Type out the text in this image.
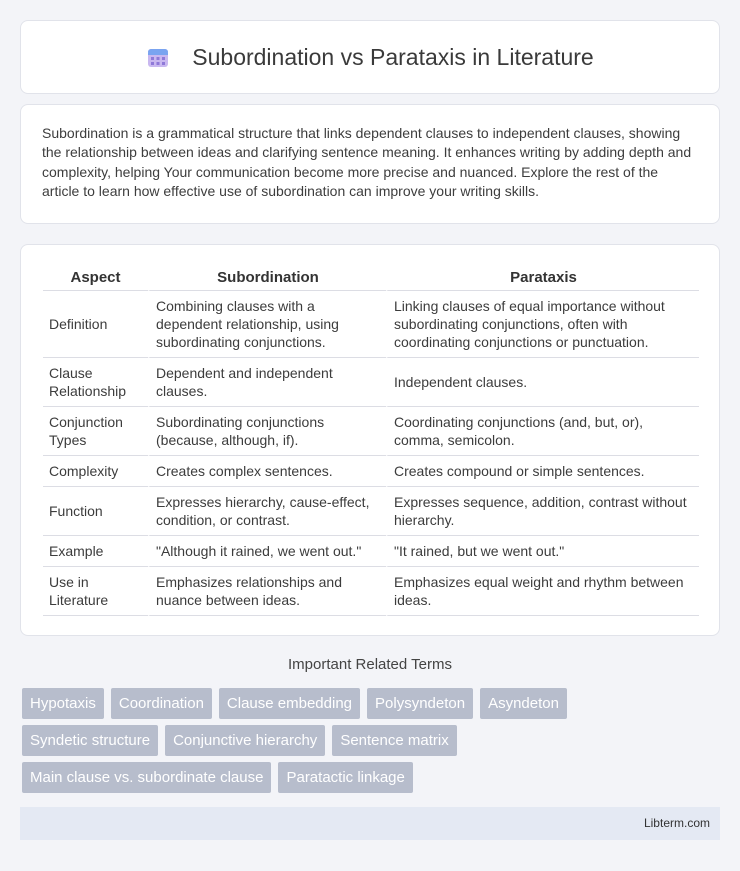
Subordination vs Parataxis in Literature

Subordination is a grammatical structure that links dependent clauses to independent clauses, showing the relationship between ideas and clarifying sentence meaning. It enhances writing by adding depth and complexity, helping Your communication become more precise and nuanced. Explore the rest of the article to learn how effective use of subordination can improve your writing skills.

Aspect	Subordination	Parataxis
Definition	Combining clauses with a dependent relationship, using subordinating conjunctions.	Linking clauses of equal importance without subordinating conjunctions, often with coordinating conjunctions or punctuation.
Clause Relationship	Dependent and independent clauses.	Independent clauses.
Conjunction Types	Subordinating conjunctions (because, although, if).	Coordinating conjunctions (and, but, or), comma, semicolon.
Complexity	Creates complex sentences.	Creates compound or simple sentences.
Function	Expresses hierarchy, cause-effect, condition, or contrast.	Expresses sequence, addition, contrast without hierarchy.
Example	"Although it rained, we went out."	"It rained, but we went out."
Use in Literature	Emphasizes relationships and nuance between ideas.	Emphasizes equal weight and rhythm between ideas.
Important Related Terms
Hypotaxis	Coordination	Clause embedding	Polysyndeton	Asyndeton
Syndetic structure	Conjunctive hierarchy	Sentence matrix
Main clause vs. subordinate clause	Paratactic linkage
Libterm.com
